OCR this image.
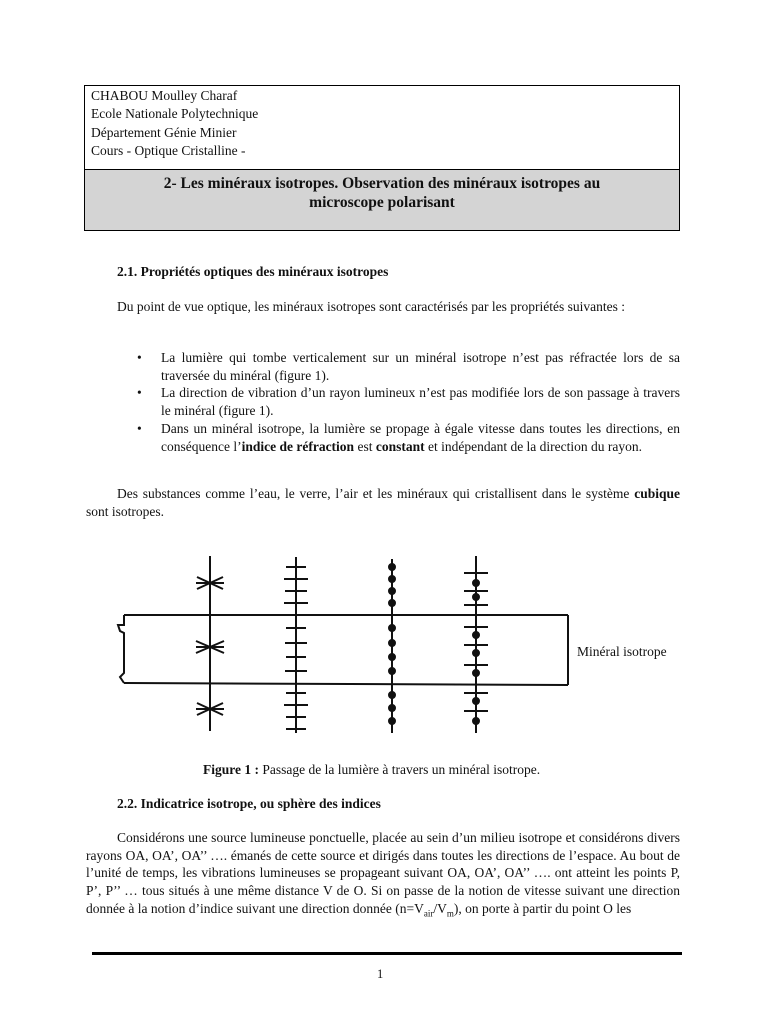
CHABOU Moulley Charaf
Ecole Nationale Polytechnique
Département Génie Minier
Cours - Optique Cristalline -
2- Les minéraux isotropes. Observation des minéraux isotropes au
microscope polarisant
2.1. Propriétés optiques des minéraux isotropes
Du point de vue optique, les minéraux isotropes sont caractérisés par les propriétés suivantes :
• La lumière qui tombe verticalement sur un minéral isotrope n’est pas réfractée lors de sa traversée du minéral (figure 1).
• La direction de vibration d’un rayon lumineux n’est pas modifiée lors de son passage à travers le minéral (figure 1).
• Dans un minéral isotrope, la lumière se propage à égale vitesse dans toutes les directions, en conséquence l’indice de réfraction est constant et indépendant de la direction du rayon.
Des substances comme l’eau, le verre, l’air et les minéraux qui cristallisent dans le système cubique sont isotropes.
Minéral isotrope
Figure 1 : Passage de la lumière à travers un minéral isotrope.
2.2. Indicatrice isotrope, ou sphère des indices
Considérons une source lumineuse ponctuelle, placée au sein d’un milieu isotrope et considérons divers rayons OA, OA’, OA’’ …. émanés de cette source et dirigés dans toutes les directions de l’espace. Au bout de l’unité de temps, les vibrations lumineuses se propageant suivant OA, OA’, OA’’ …. ont atteint les points P, P’, P’’ … tous situés à une même distance V de O. Si on passe de la notion de vitesse suivant une direction donnée à la notion d’indice suivant une direction donnée $(n=V_{air}/V_m)$, on porte à partir du point O les
1
